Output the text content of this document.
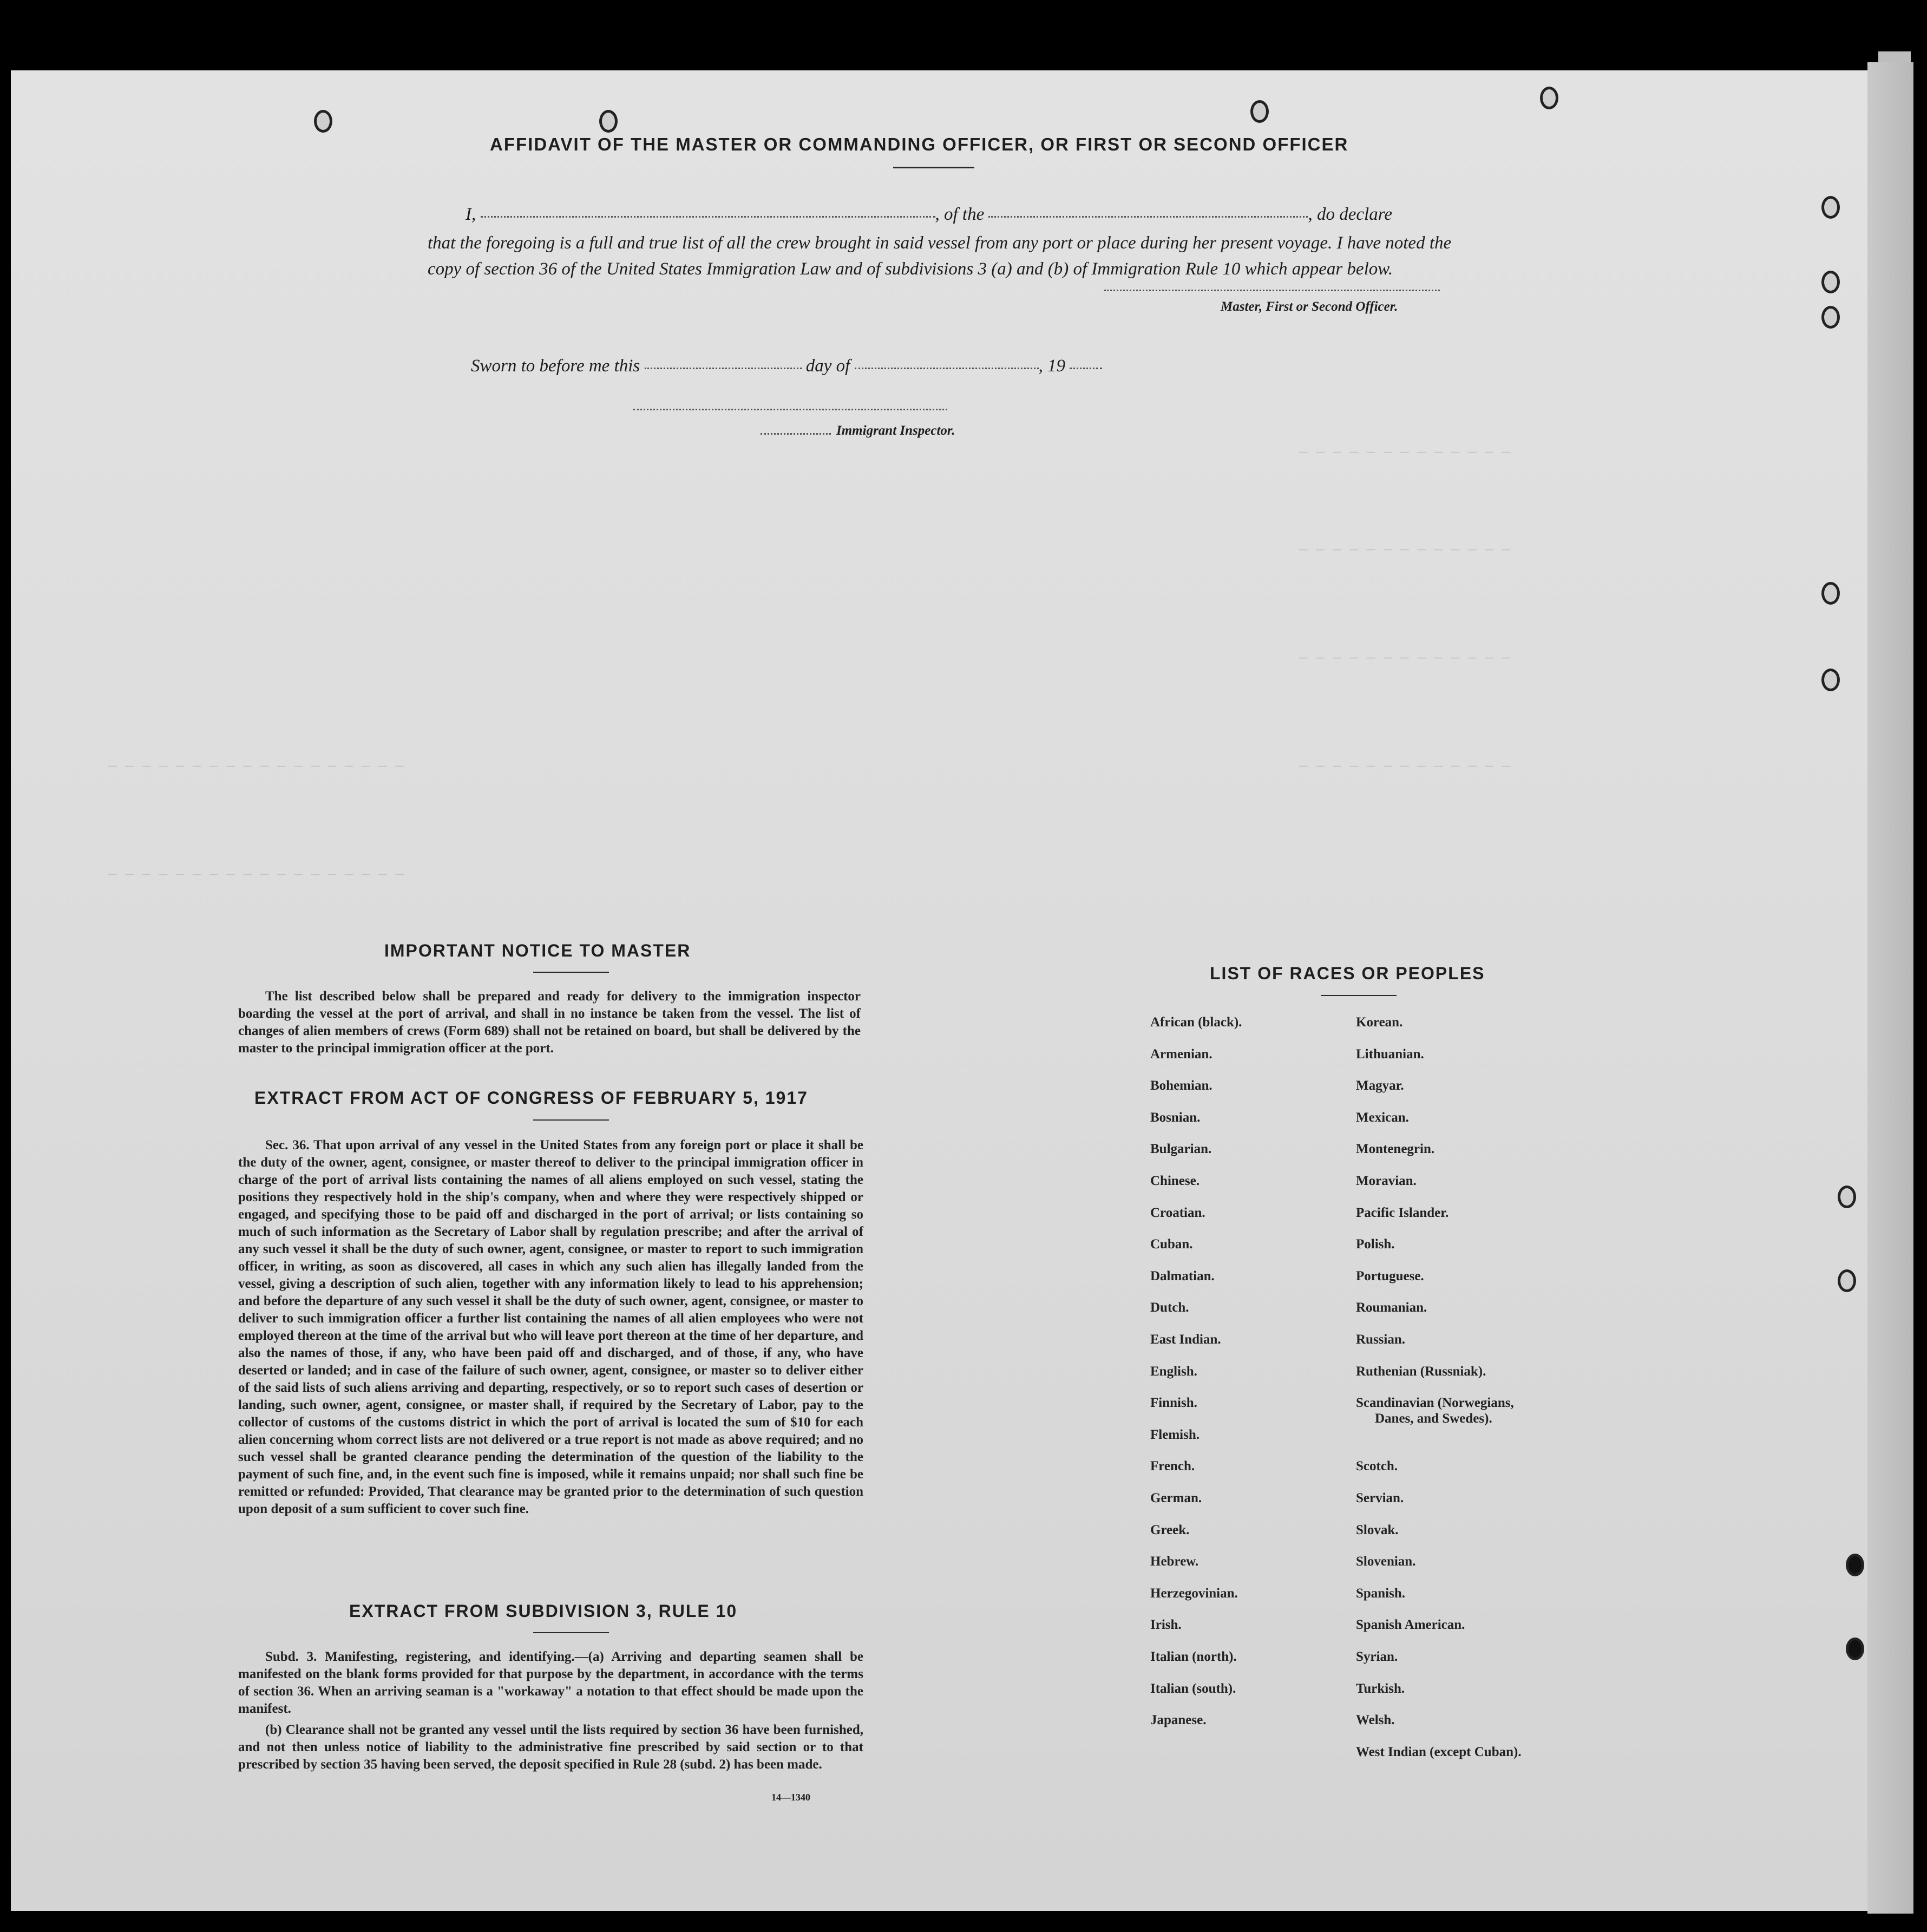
— — — — — — — — — — — — —
— — — — — — — — — — — — —
— — — — — — — — — — — — —
— — — — — — — — — — — — —
— — — — — — — — — — — — — — — — — —
— — — — — — — — — — — — — — — — — —
AFFIDAVIT OF THE MASTER OR COMMANDING OFFICER, OR FIRST OR SECOND OFFICER
I,	, of the	, do declare
that the foregoing is a full and true list of all the crew brought in said vessel from any port or place during her present voyage. I have noted the copy of section 36 of the United States Immigration Law and of subdivisions 3 (a) and (b) of Immigration Rule 10 which appear below.
Master, First or Second Officer.
Sworn to before me this	day of	, 19
Immigrant Inspector.
IMPORTANT NOTICE TO MASTER
The list described below shall be prepared and ready for delivery to the immigration inspector boarding the vessel at the port of arrival, and shall in no instance be taken from the vessel. The list of changes of alien members of crews (Form 689) shall not be retained on board, but shall be delivered by the master to the principal immigration officer at the port.
EXTRACT FROM ACT OF CONGRESS OF FEBRUARY 5, 1917
Sec. 36. That upon arrival of any vessel in the United States from any foreign port or place it shall be the duty of the owner, agent, consignee, or master thereof to deliver to the principal immigration officer in charge of the port of arrival lists containing the names of all aliens employed on such vessel, stating the positions they respectively hold in the ship's company, when and where they were respectively shipped or engaged, and specifying those to be paid off and discharged in the port of arrival; or lists containing so much of such information as the Secretary of Labor shall by regulation prescribe; and after the arrival of any such vessel it shall be the duty of such owner, agent, consignee, or master to report to such immigration officer, in writing, as soon as discovered, all cases in which any such alien has illegally landed from the vessel, giving a description of such alien, together with any information likely to lead to his apprehension; and before the departure of any such vessel it shall be the duty of such owner, agent, consignee, or master to deliver to such immigration officer a further list containing the names of all alien employees who were not employed thereon at the time of the arrival but who will leave port thereon at the time of her departure, and also the names of those, if any, who have been paid off and discharged, and of those, if any, who have deserted or landed; and in case of the failure of such owner, agent, consignee, or master so to deliver either of the said lists of such aliens arriving and departing, respectively, or so to report such cases of desertion or landing, such owner, agent, consignee, or master shall, if required by the Secretary of Labor, pay to the collector of customs of the customs district in which the port of arrival is located the sum of $10 for each alien concerning whom correct lists are not delivered or a true report is not made as above required; and no such vessel shall be granted clearance pending the determination of the question of the liability to the payment of such fine, and, in the event such fine is imposed, while it remains unpaid; nor shall such fine be remitted or refunded: Provided, That clearance may be granted prior to the determination of such question upon deposit of a sum sufficient to cover such fine.
EXTRACT FROM SUBDIVISION 3, RULE 10
Subd. 3. Manifesting, registering, and identifying.—(a) Arriving and departing seamen shall be manifested on the blank forms provided for that purpose by the department, in accordance with the terms of section 36. When an arriving seaman is a "workaway" a notation to that effect should be made upon the manifest.
(b) Clearance shall not be granted any vessel until the lists required by section 36 have been furnished, and not then unless notice of liability to the administrative fine prescribed by said section or to that prescribed by section 35 having been served, the deposit specified in Rule 28 (subd. 2) has been made.
14—1340
LIST OF RACES OR PEOPLES
African (black).
Armenian.
Bohemian.
Bosnian.
Bulgarian.
Chinese.
Croatian.
Cuban.
Dalmatian.
Dutch.
East Indian.
English.
Finnish.
Flemish.
French.
German.
Greek.
Hebrew.
Herzegovinian.
Irish.
Italian (north).
Italian (south).
Japanese.
Korean.
Lithuanian.
Magyar.
Mexican.
Montenegrin.
Moravian.
Pacific Islander.
Polish.
Portuguese.
Roumanian.
Russian.
Ruthenian (Russniak).
Scandinavian (Norwegians,
Danes, and Swedes).
Scotch.
Servian.
Slovak.
Slovenian.
Spanish.
Spanish American.
Syrian.
Turkish.
Welsh.
West Indian (except Cuban).
